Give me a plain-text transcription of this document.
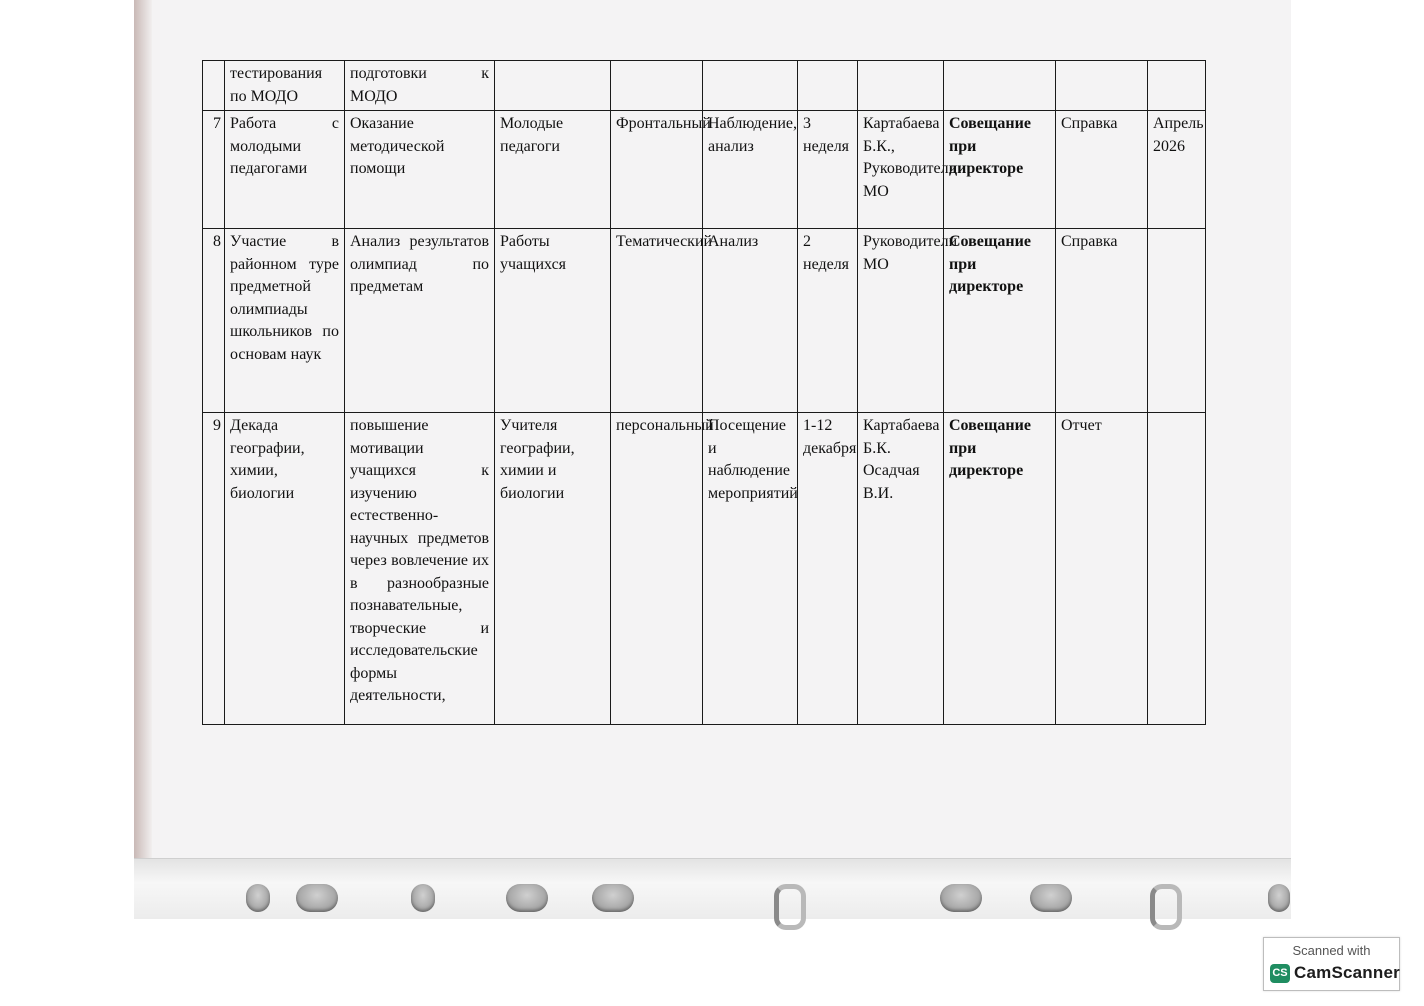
	тестирования по МОДО	подготовки к МОДО								
7	Работа с молодыми педагогами	Оказание методической помощи	Молодые педагоги	Фронтальный	Наблюдение, анализ	3 неделя	Картабаева Б.К., Руководители МО	Совещание при директоре	Справка	Апрель 2026
8	Участие в районном туре предметной олимпиады школьников по основам наук	Анализ результатов олимпиад по предметам	Работы учащихся	Тематический	Анализ	2 неделя	Руководители МО	Совещание при директоре	Справка	
9	Декада географии, химии, биологии	повышение мотивации учащихся к изучению естественно-научных предметов через вовлечение их в разнообразные познавательные, творческие и исследовательские формы деятельности,	Учителя географии, химии и биологии	персональный	Посещение и наблюдение мероприятий	1-12 декабря	Картабаева Б.К. Осадчая В.И.	Совещание при директоре	Отчет	
Scanned with
CS CamScanner
